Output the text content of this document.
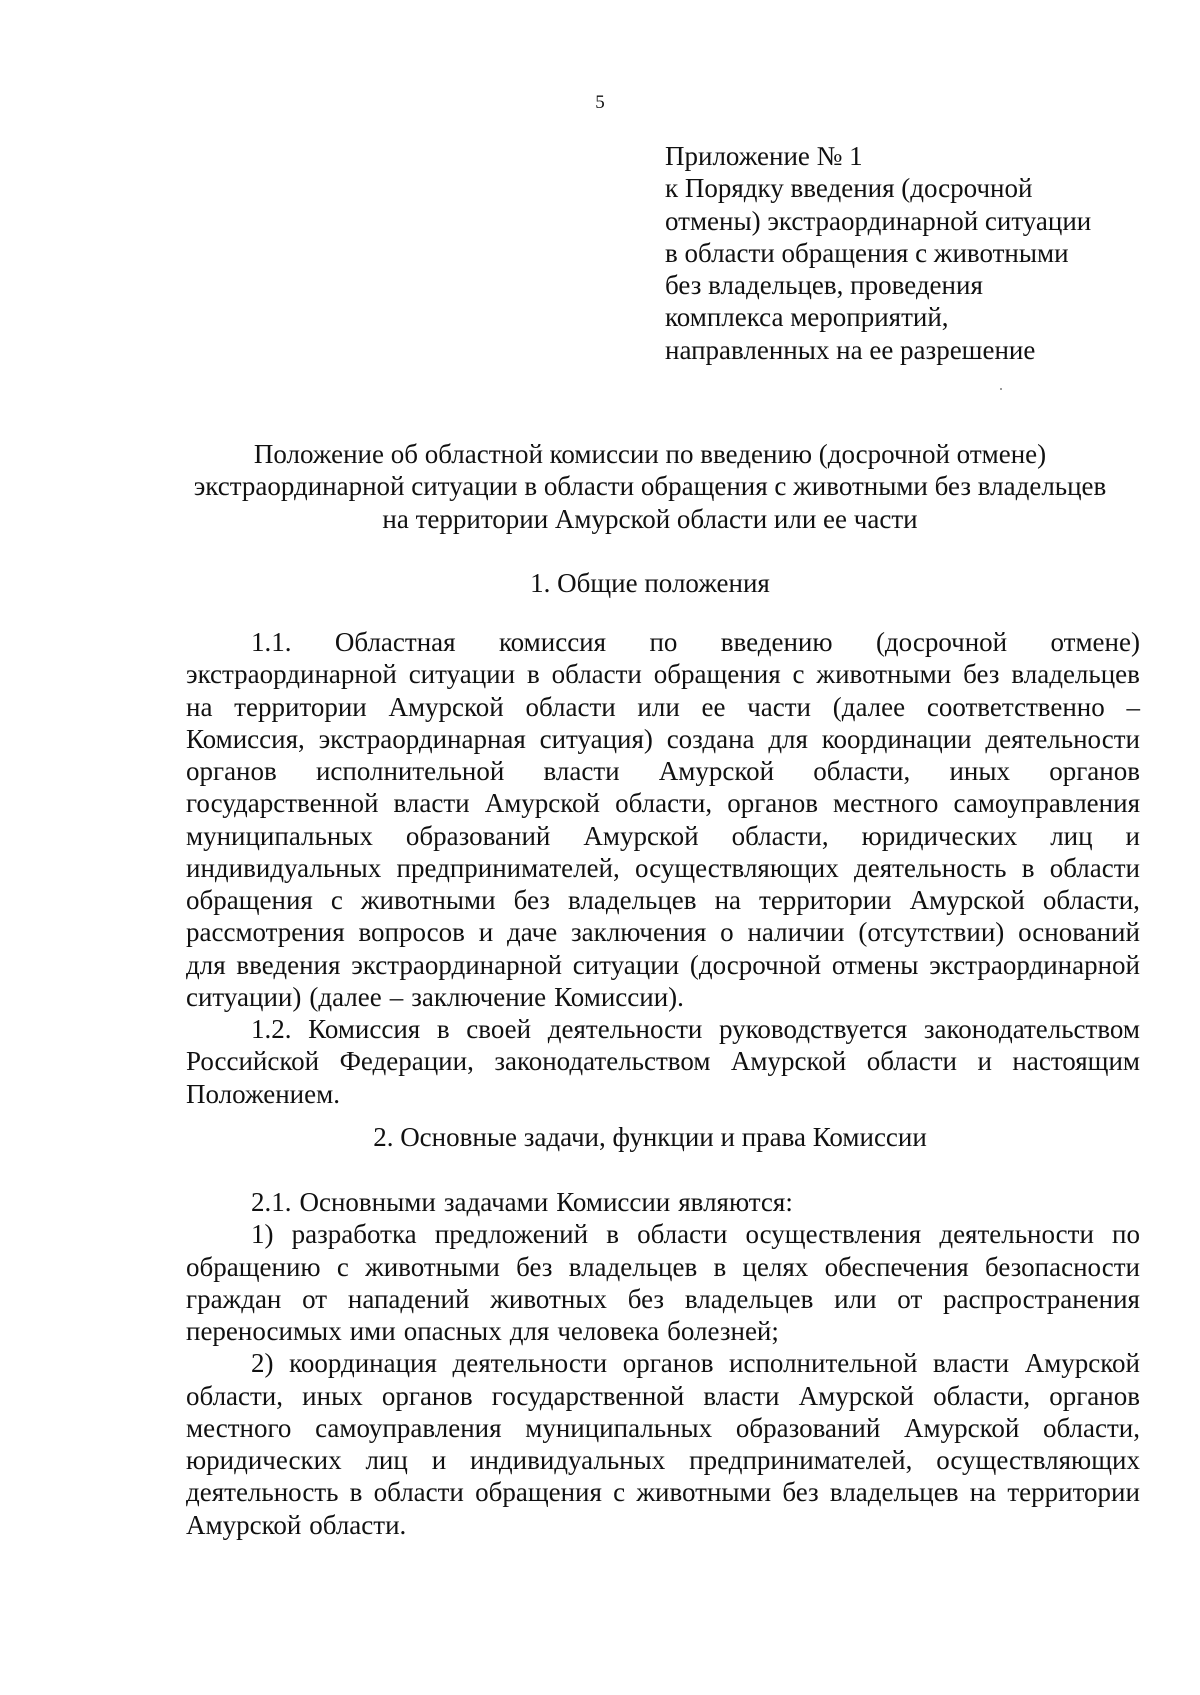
5
Приложение № 1
к Порядку введения (досрочной
отмены) экстраординарной ситуации
в области обращения с животными
без владельцев, проведения
комплекса мероприятий,
направленных на ее разрешение
Положение об областной комиссии по введению (досрочной отмене)
экстраординарной ситуации в области обращения с животными без владельцев
на территории Амурской области или ее части
1. Общие положения
1.1. Областная комиссия по введению (досрочной отмене)
экстраординарной ситуации в области обращения с животными без владельцев
на территории Амурской области или ее части (далее соответственно –
Комиссия, экстраординарная ситуация) создана для координации деятельности
органов исполнительной власти Амурской области, иных органов
государственной власти Амурской области, органов местного самоуправления
муниципальных образований Амурской области, юридических лиц и
индивидуальных предпринимателей, осуществляющих деятельность в области
обращения с животными без владельцев на территории Амурской области,
рассмотрения вопросов и даче заключения о наличии (отсутствии) оснований
для введения экстраординарной ситуации (досрочной отмены экстраординарной
ситуации) (далее – заключение Комиссии).
1.2. Комиссия в своей деятельности руководствуется законодательством
Российской Федерации, законодательством Амурской области и настоящим
Положением.
2. Основные задачи, функции и права Комиссии
2.1. Основными задачами Комиссии являются:
1) разработка предложений в области осуществления деятельности по
обращению с животными без владельцев в целях обеспечения безопасности
граждан от нападений животных без владельцев или от распространения
переносимых ими опасных для человека болезней;
2) координация деятельности органов исполнительной власти Амурской
области, иных органов государственной власти Амурской области, органов
местного самоуправления муниципальных образований Амурской области,
юридических лиц и индивидуальных предпринимателей, осуществляющих
деятельность в области обращения с животными без владельцев на территории
Амурской области.
